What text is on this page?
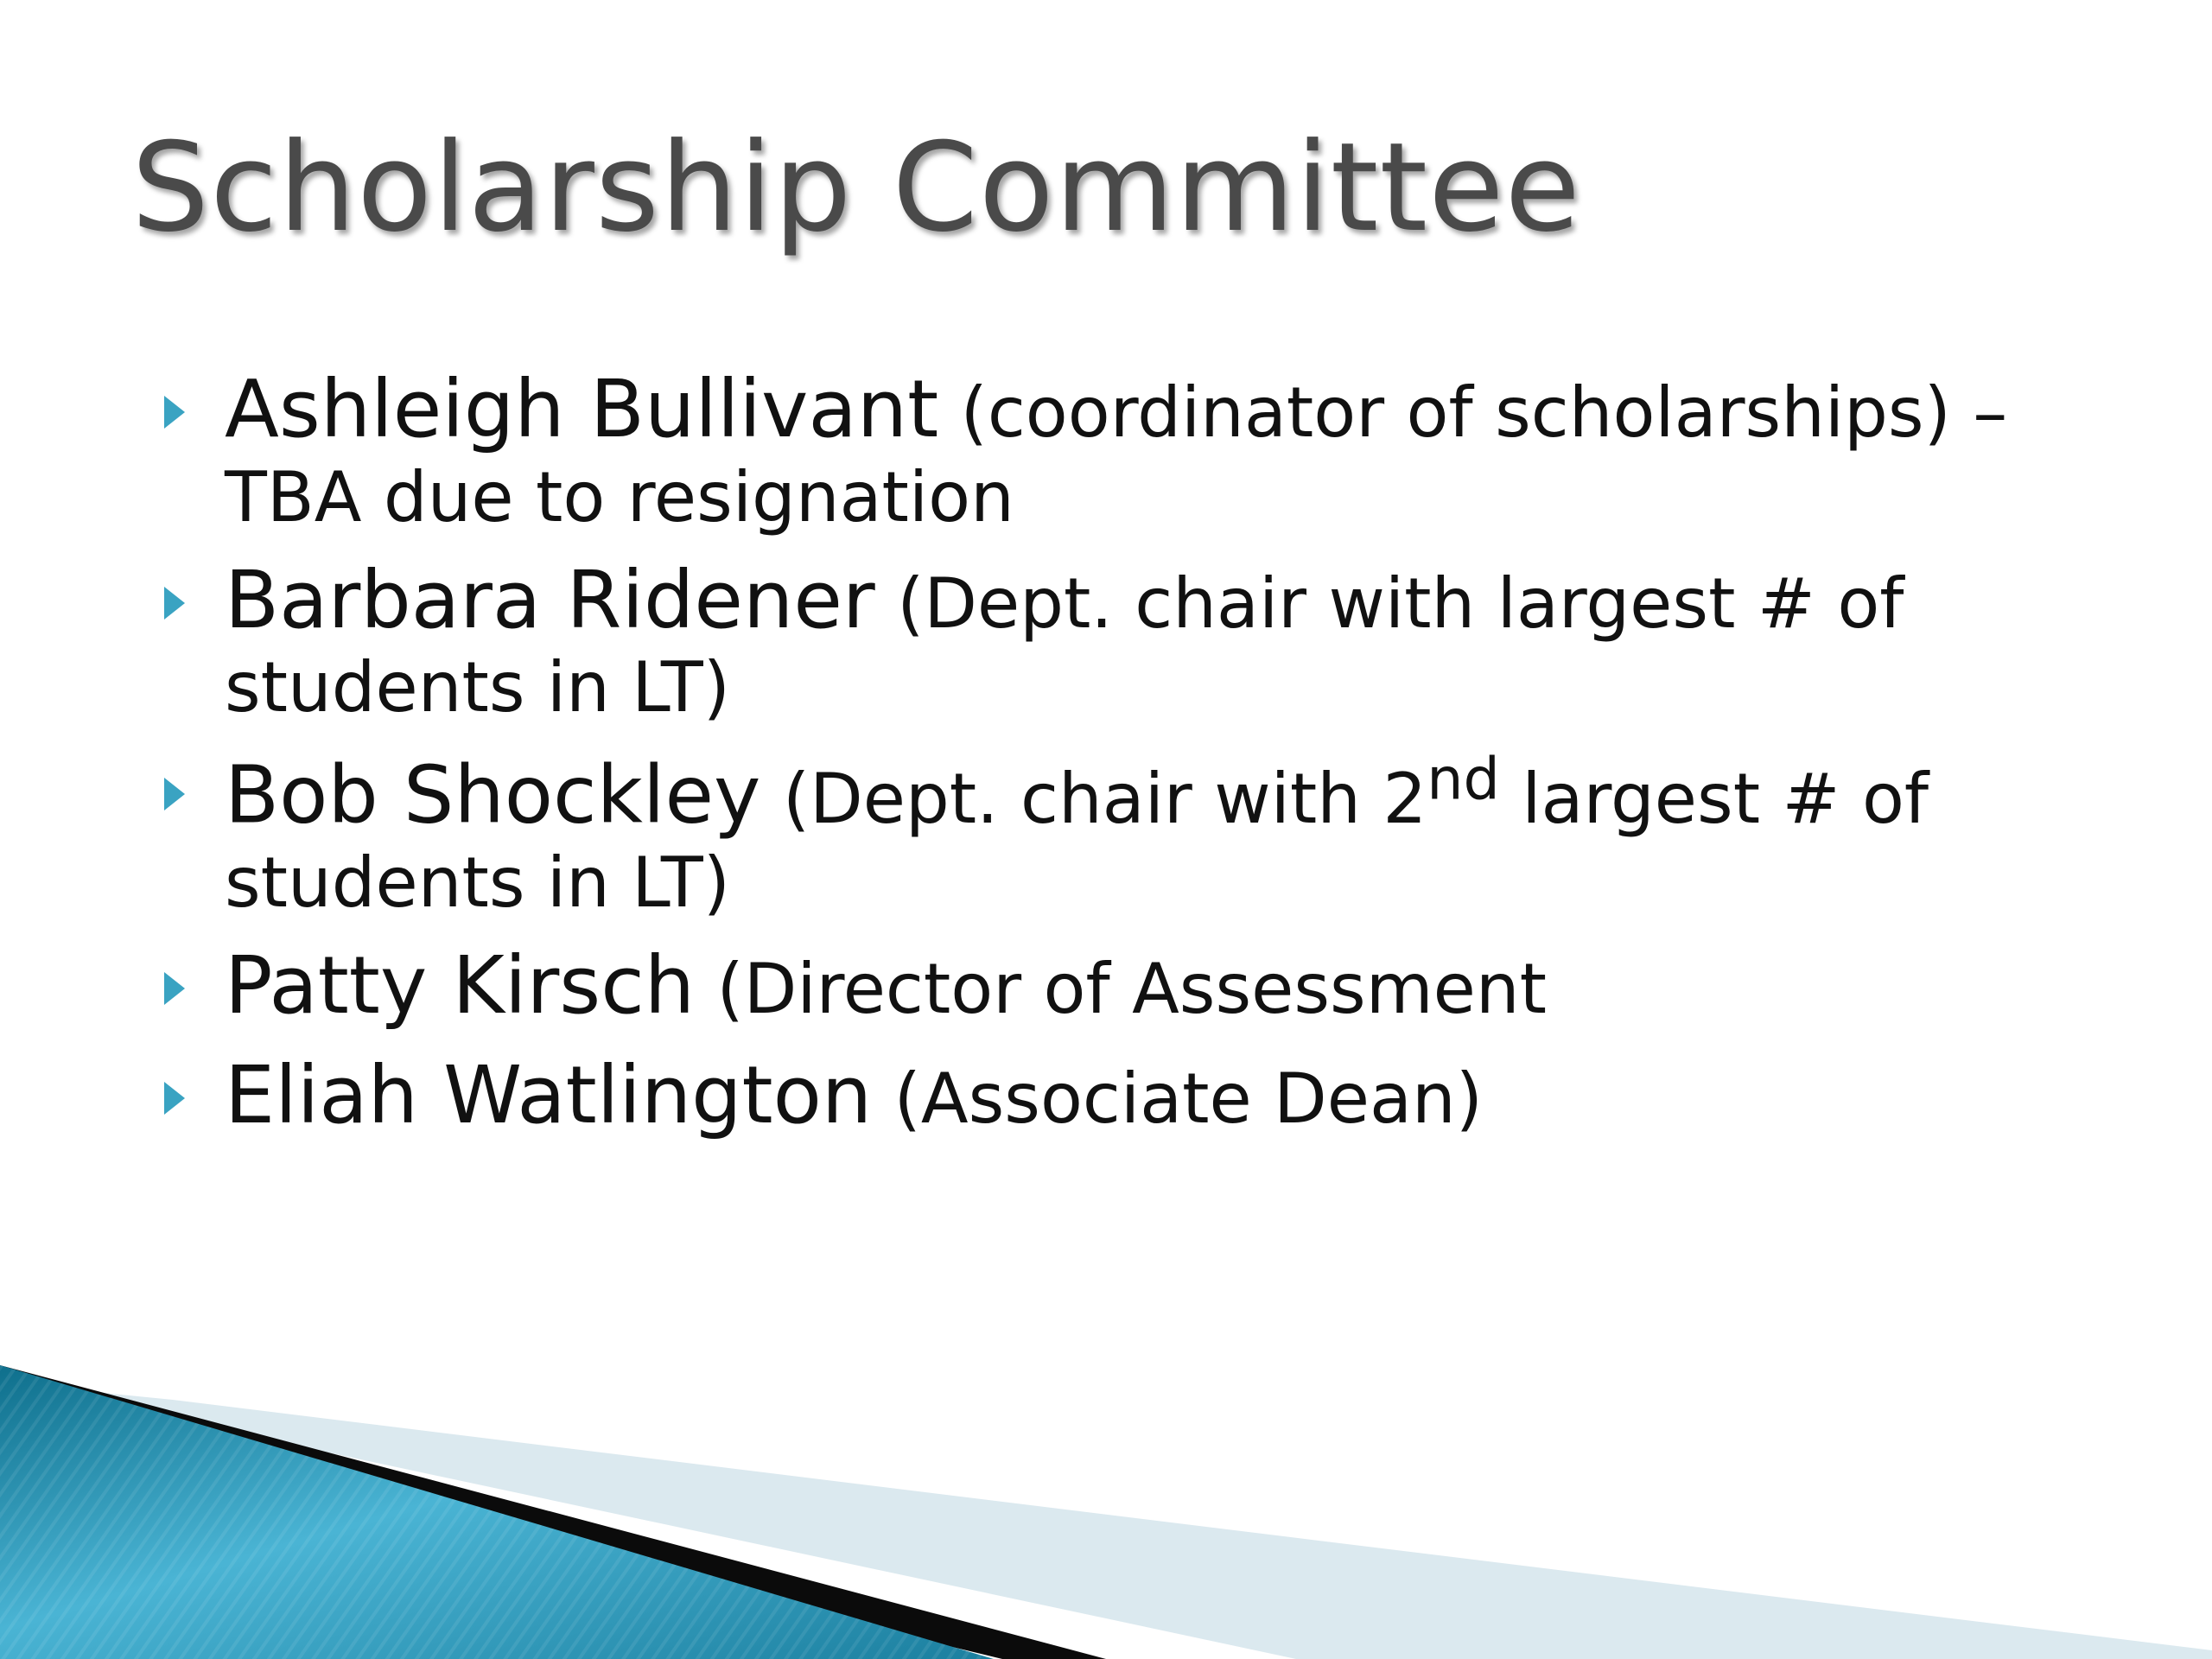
Scholarship Committee
Ashleigh Bullivant (coordinator of scholarships) – TBA due to resignation
Barbara Ridener (Dept. chair with largest # of students in LT)
Bob Shockley (Dept. chair with 2nd largest # of students in LT)
Patty Kirsch (Director of Assessment
Eliah Watlington (Associate Dean)
